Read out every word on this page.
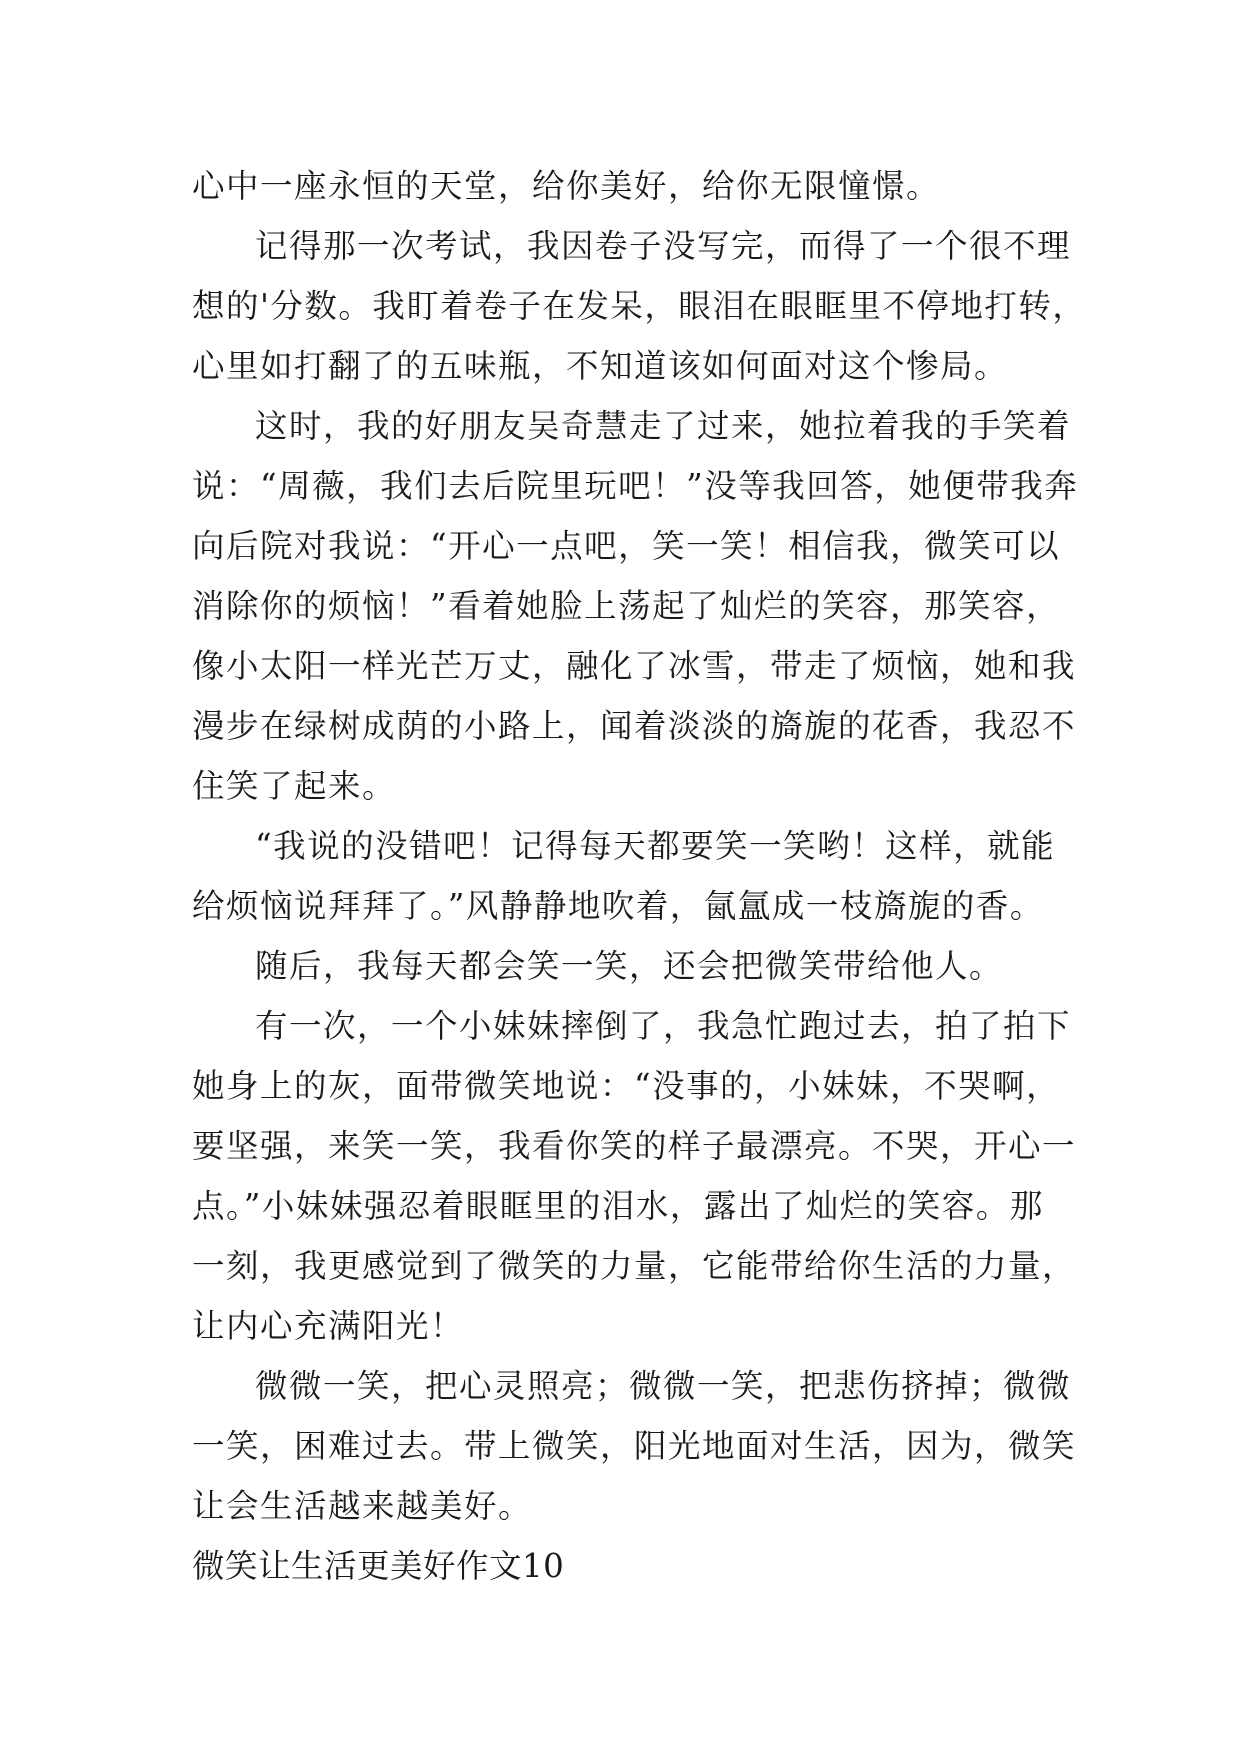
心中一座永恒的天堂，给你美好，给你无限憧憬。
记得那一次考试，我因卷子没写完，而得了一个很不理
想的'分数。我盯着卷子在发呆，眼泪在眼眶里不停地打转，
心里如打翻了的五味瓶，不知道该如何面对这个惨局。
这时，我的好朋友吴奇慧走了过来，她拉着我的手笑着
说：“周薇，我们去后院里玩吧！”没等我回答，她便带我奔
向后院对我说：“开心一点吧，笑一笑！相信我，微笑可以
消除你的烦恼！”看着她脸上荡起了灿烂的笑容，那笑容，
像小太阳一样光芒万丈，融化了冰雪，带走了烦恼，她和我
漫步在绿树成荫的小路上，闻着淡淡的旖旎的花香，我忍不
住笑了起来。
“我说的没错吧！记得每天都要笑一笑哟！这样，就能
给烦恼说拜拜了。”风静静地吹着，氤氲成一枝旖旎的香。
随后，我每天都会笑一笑，还会把微笑带给他人。
有一次，一个小妹妹摔倒了，我急忙跑过去，拍了拍下
她身上的灰，面带微笑地说：“没事的，小妹妹，不哭啊，
要坚强，来笑一笑，我看你笑的样子最漂亮。不哭，开心一
点。”小妹妹强忍着眼眶里的泪水，露出了灿烂的笑容。那
一刻，我更感觉到了微笑的力量，它能带给你生活的力量，
让内心充满阳光！
微微一笑，把心灵照亮；微微一笑，把悲伤挤掉；微微
一笑，困难过去。带上微笑，阳光地面对生活，因为，微笑
让会生活越来越美好。
微笑让生活更美好作文10
